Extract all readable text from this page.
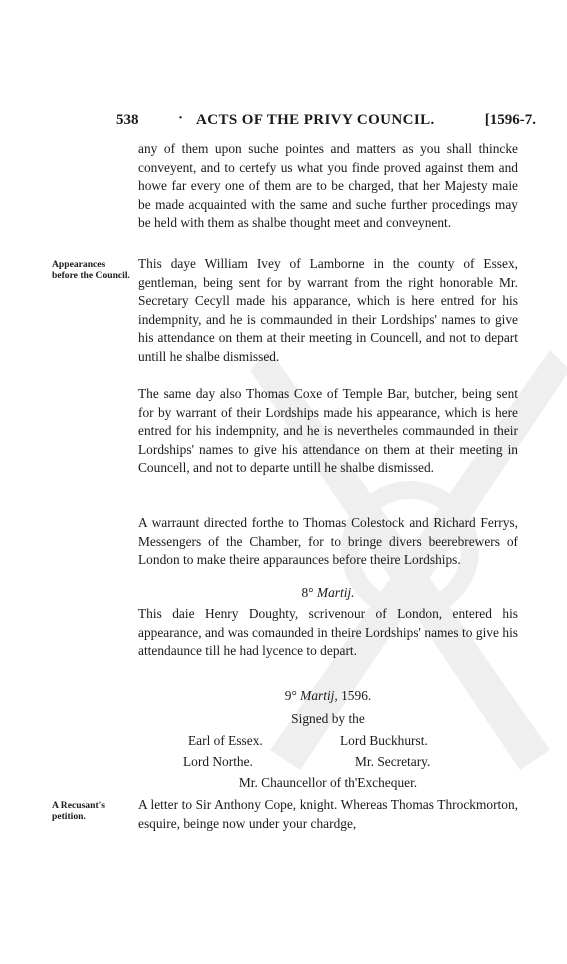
538	· ACTS OF THE PRIVY COUNCIL.	[1596-7.

any of them upon suche pointes and matters as you shall thincke conveyent, and to certefy us what you finde proved against them and howe far every one of them are to be charged, that her Majesty maie be made acquainted with the same and suche further procedings may be held with them as shalbe thought meet and conveynent.

Appearances before the Council.

This daye William Ivey of Lamborne in the county of Essex, gentleman, being sent for by warrant from the right honorable Mr. Secretary Cecyll made his apparance, which is here entred for his indempnity, and he is commaunded in their Lordships' names to give his attendance on them at their meeting in Councell, and not to depart untill he shalbe dismissed.

The same day also Thomas Coxe of Temple Bar, butcher, being sent for by warrant of their Lordships made his appearance, which is here entred for his indempnity, and he is nevertheles commaunded in their Lordships' names to give his attendance on them at their meeting in Councell, and not to departe untill he shalbe dismissed.

A warraunt directed forthe to Thomas Colestock and Richard Ferrys, Messengers of the Chamber, for to bringe divers beerebrewers of London to make theire apparaunces before theire Lordships.

8° Martij.

This daie Henry Doughty, scrivenour of London, entered his appearance, and was comaunded in theire Lordships' names to give his attendaunce till he had lycence to depart.

9° Martij, 1596.
Signed by the
Earl of Essex.	Lord Buckhurst.
Lord Northe.	Mr. Secretary.
Mr. Chauncellor of th'Exchequer.
A Recusant's petition.

A letter to Sir Anthony Cope, knight. Whereas Thomas Throckmorton, esquire, beinge now under your chardge,
